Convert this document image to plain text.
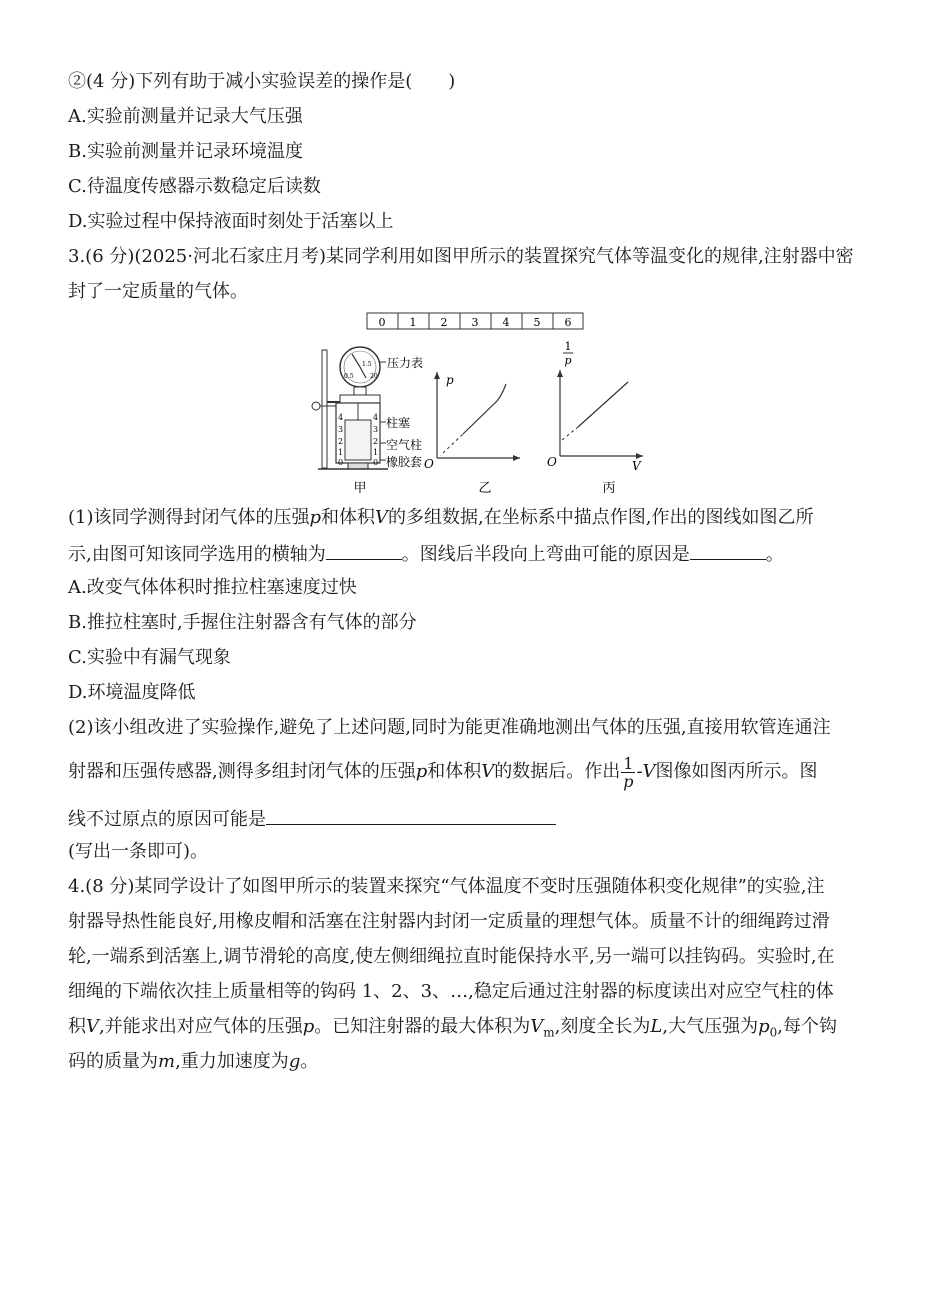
②(4 分)下列有助于减小实验误差的操作是(　　)
A.实验前测量并记录大气压强
B.实验前测量并记录环境温度
C.待温度传感器示数稳定后读数
D.实验过程中保持液面时刻处于活塞以上
3.(6 分)(2025·河北石家庄月考)某同学利用如图甲所示的装置探究气体等温变化的规律,注射器中密
封了一定质量的气体。
0 1 2 3 4 5 6
0.5
1.5
20
压力表
4
3
2
1
0
4
3
2
1
0
柱塞
空气柱
橡胶套
甲
p
O
乙
1
p
O	V
丙
(1)该同学测得封闭气体的压强p和体积V的多组数据,在坐标系中描点作图,作出的图线如图乙所
示,由图可知该同学选用的横轴为	。图线后半段向上弯曲可能的原因是	。
A.改变气体体积时推拉柱塞速度过快
B.推拉柱塞时,手握住注射器含有气体的部分
C.实验中有漏气现象
D.环境温度降低
(2)该小组改进了实验操作,避免了上述问题,同时为能更准确地测出气体的压强,直接用软管连通注
射器和压强传感器,测得多组封闭气体的压强p和体积V的数据后。作出 $\frac{1}{p} -V$图像如图丙所示。图
线不过原点的原因可能是
(写出一条即可)。
4.(8 分)某同学设计了如图甲所示的装置来探究“气体温度不变时压强随体积变化规律”的实验,注
射器导热性能良好,用橡皮帽和活塞在注射器内封闭一定质量的理想气体。质量不计的细绳跨过滑
轮,一端系到活塞上,调节滑轮的高度,使左侧细绳拉直时能保持水平,另一端可以挂钩码。实验时,在
细绳的下端依次挂上质量相等的钩码 1、2、3、…,稳定后通过注射器的标度读出对应空气柱的体
积V,并能求出对应气体的压强p。已知注射器的最大体积为$V_m$,刻度全长为L,大气压强为$p_0$,每个钩
码的质量为m,重力加速度为g。
